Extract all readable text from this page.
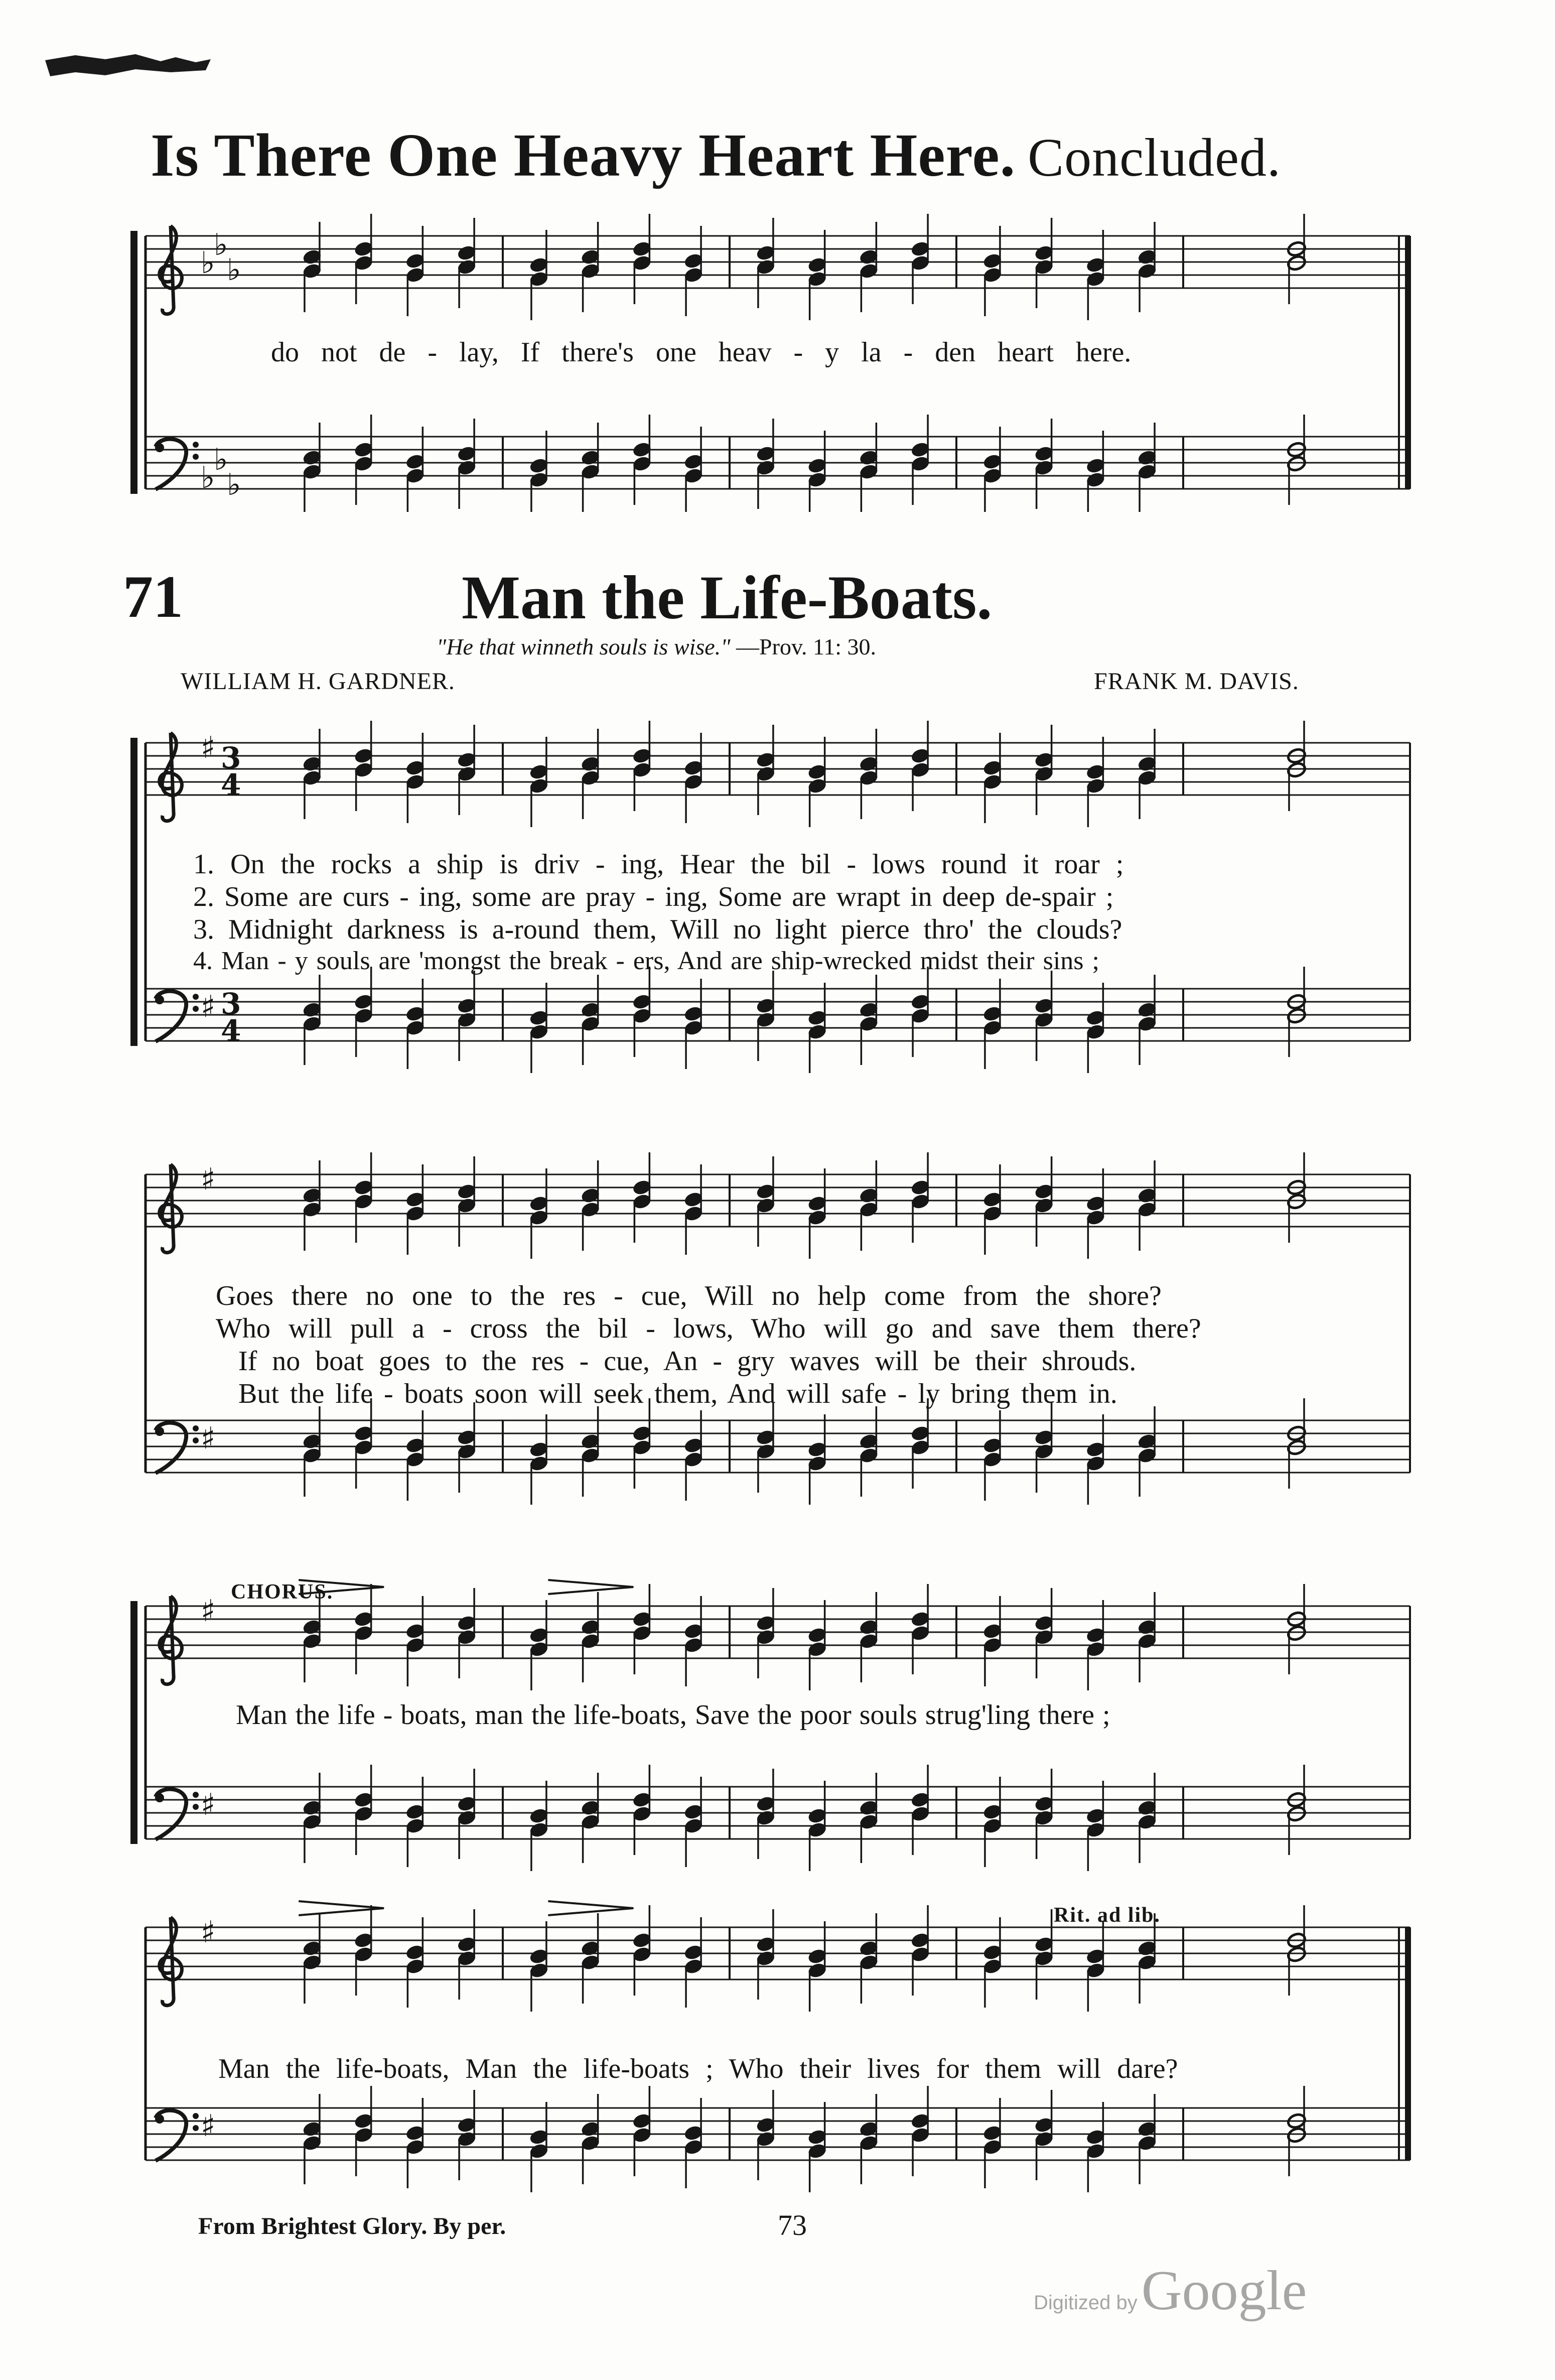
Is There One Heavy Heart Here. Concluded.
♭
♭
♭
♭
♭
♭
do not de - lay, If there's one heav - y la - den heart here.
71	Man the Life-Boats.
"He that winneth souls is wise." —Prov. 11: 30.
WILLIAM H. GARDNER.	FRANK M. DAVIS.
♯ 3
4
♯ 3
4
1. On the rocks a ship is driv - ing, Hear the bil - lows round it roar ;
2. Some are curs - ing, some are pray - ing, Some are wrapt in deep de-spair ;
3. Midnight darkness is a-round them, Will no light pierce thro' the clouds?
4. Man - y souls are 'mongst the break - ers, And are ship-wrecked midst their sins ;
♯
♯
Goes there no one to the res - cue, Will no help come from the shore?
Who will pull a - cross the bil - lows, Who will go and save them there?
If no boat goes to the res - cue, An - gry waves will be their shrouds.
But the life - boats soon will seek them, And will safe - ly bring them in.
CHORUS.
♯
♯
Man the life - boats, man the life-boats, Save the poor souls strug'ling there ;
Rit. ad lib.
♯
♯
Man the life-boats, Man the life-boats ; Who their lives for them will dare?
From Brightest Glory. By per.	73
Digitized byGoogle
